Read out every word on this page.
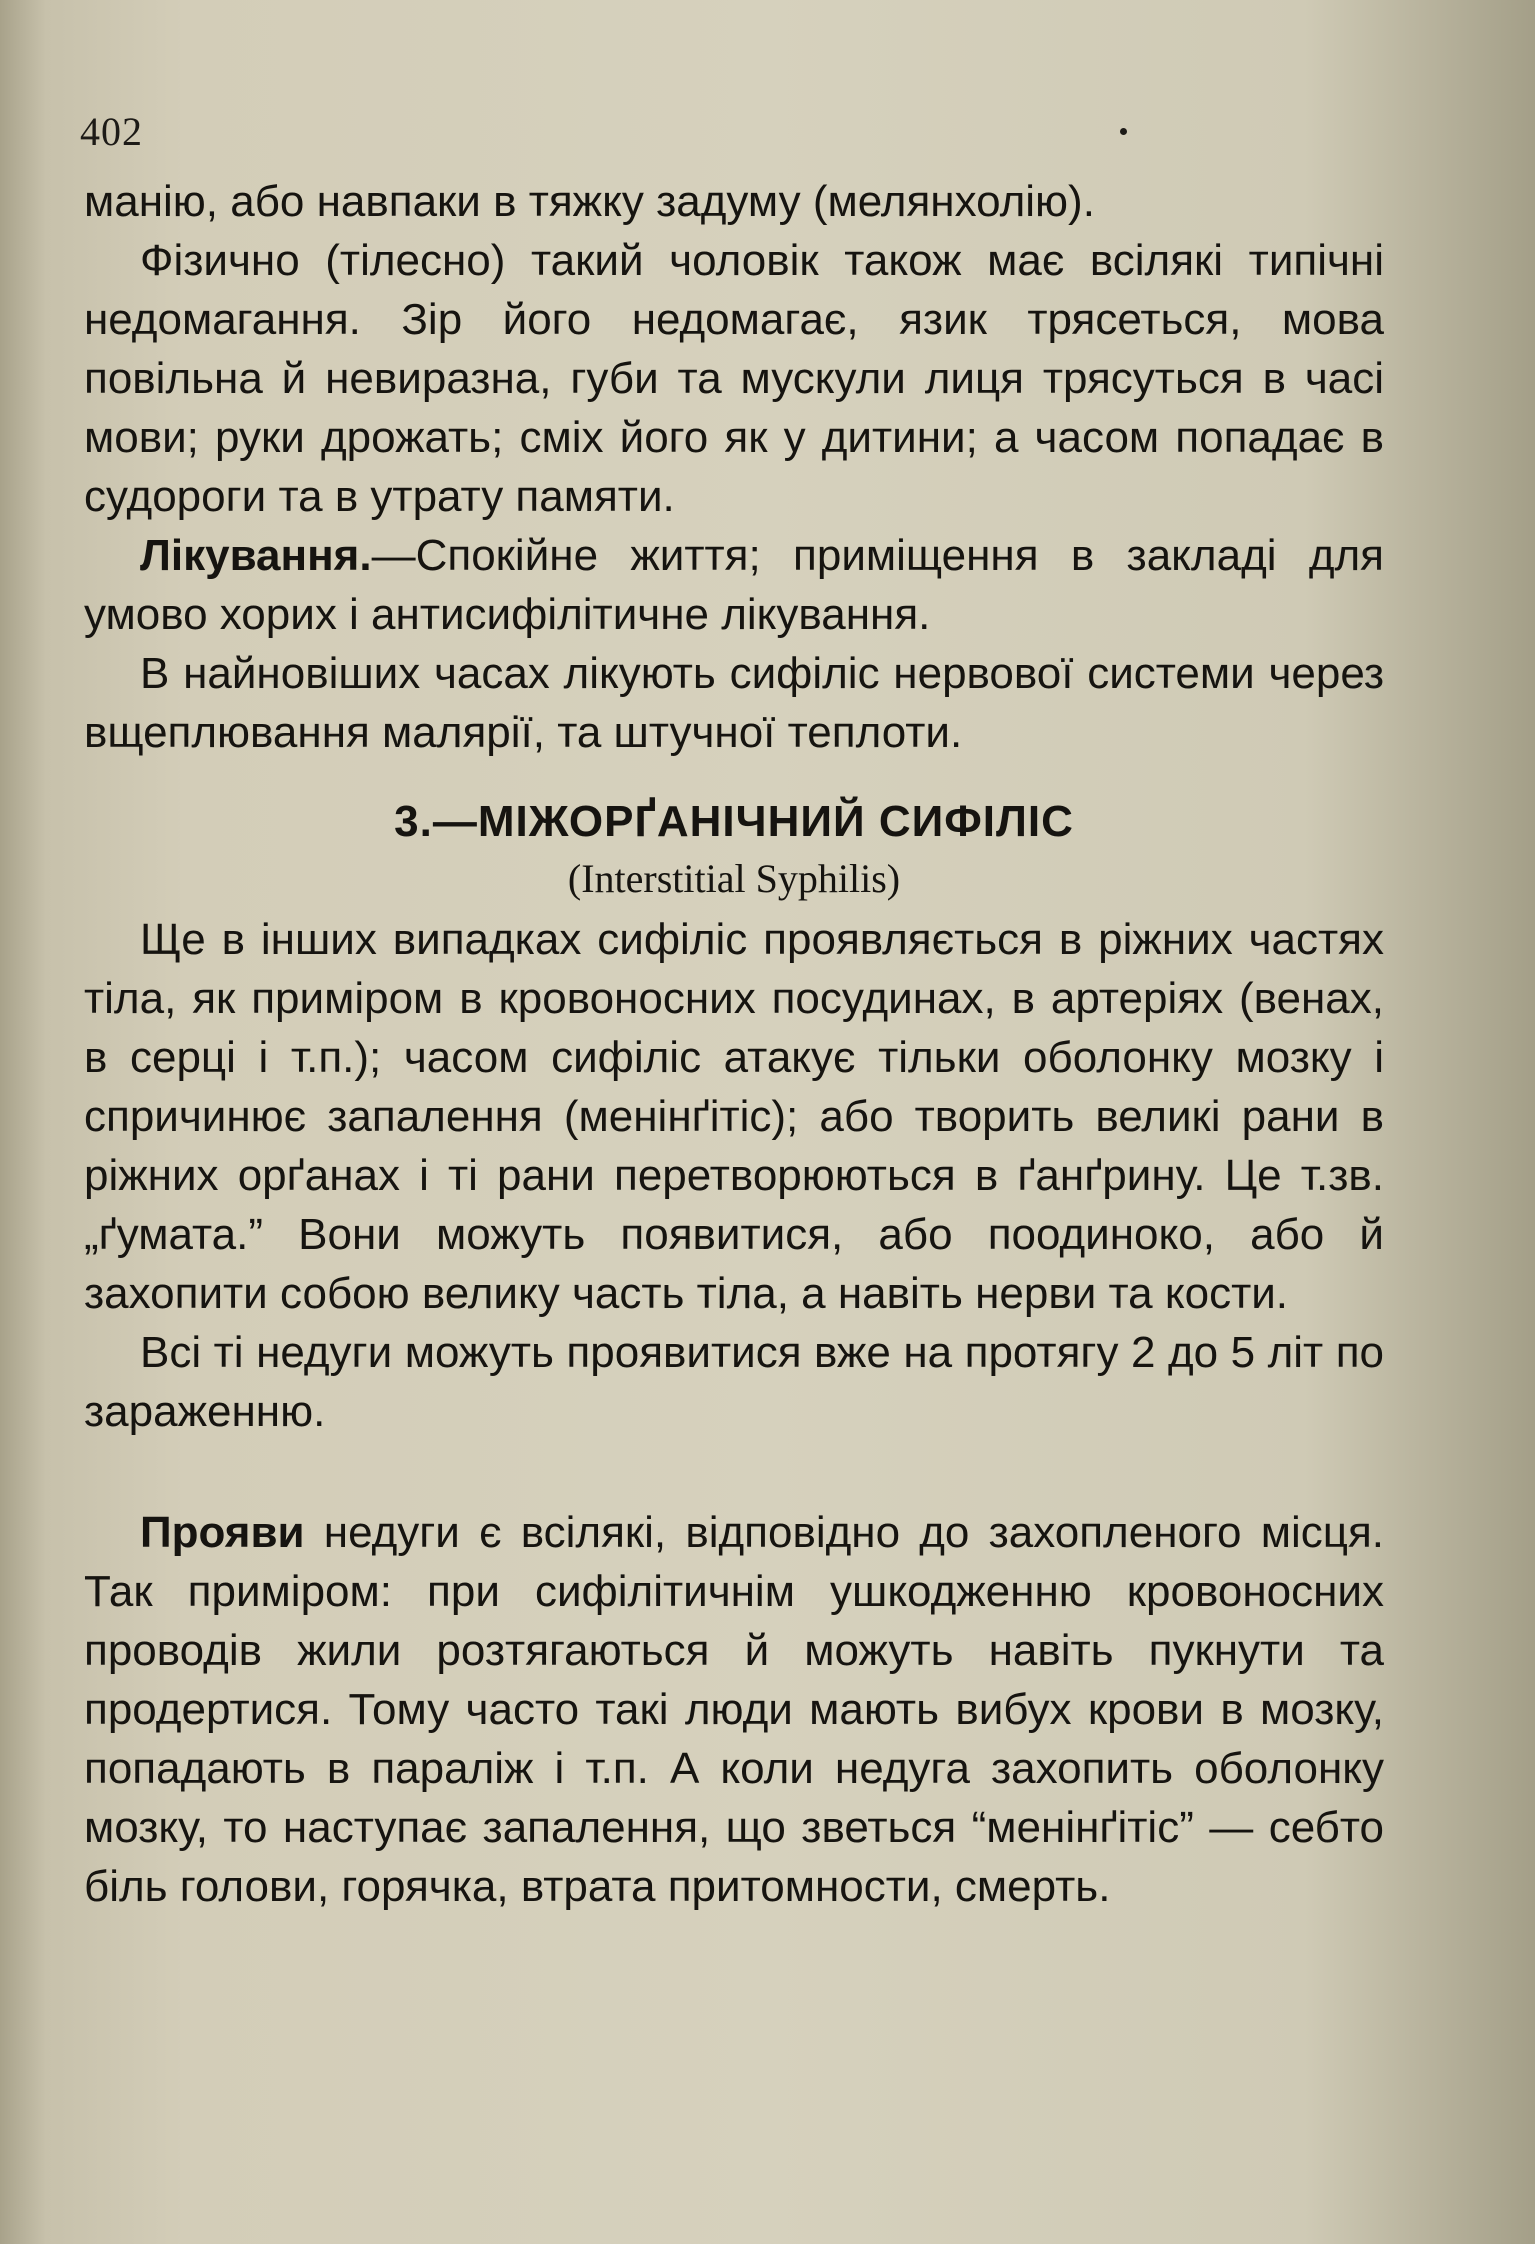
402

манію, або навпаки в тяжку задуму (мелянхолію).

Фізично (тілесно) такий чоловік також має всілякі типічні недомагання. Зір його недомагає, язик трясеться, мова повільна й невиразна, губи та мускули лиця трясуться в часі мови; руки дрожать; сміх його як у дитини; а часом попадає в судороги та в утрату памяти.

Лікування.—Спокійне життя; приміщення в закладі для умово хорих і антисифілітичне лікування.

В найновіших часах лікують сифіліс нервової системи через вщеплювання малярії, та штучної теплоти.

3.—МІЖОРҐАНІЧНИЙ СИФІЛІС
(Interstitial Syphilis)

Ще в інших випадках сифіліс проявляється в ріжних частях тіла, як приміром в кровоносних посудинах, в артеріях (венах, в серці і т.п.); часом сифіліс атакує тільки оболонку мозку і спричинює запалення (менінґітіс); або творить великі рани в ріжних орґанах і ті рани перетворюються в ґанґрину. Це т.зв. „ґумата.” Вони можуть появитися, або поодиноко, або й захопити собою велику часть тіла, а навіть нерви та кости.

Всі ті недуги можуть проявитися вже на протягу 2 до 5 літ по зараженню.

Прояви недуги є всілякі, відповідно до захопленого місця. Так приміром: при сифілітичнім ушкодженню кровоносних проводів жили розтягаються й можуть навіть пукнути та продертися. Тому часто такі люди мають вибух крови в мозку, попадають в параліж і т.п. А коли недуга захопить оболонку мозку, то наступає запалення, що зветься “менінґітіс” — себто біль голови, горячка, втрата притомности, смерть.
